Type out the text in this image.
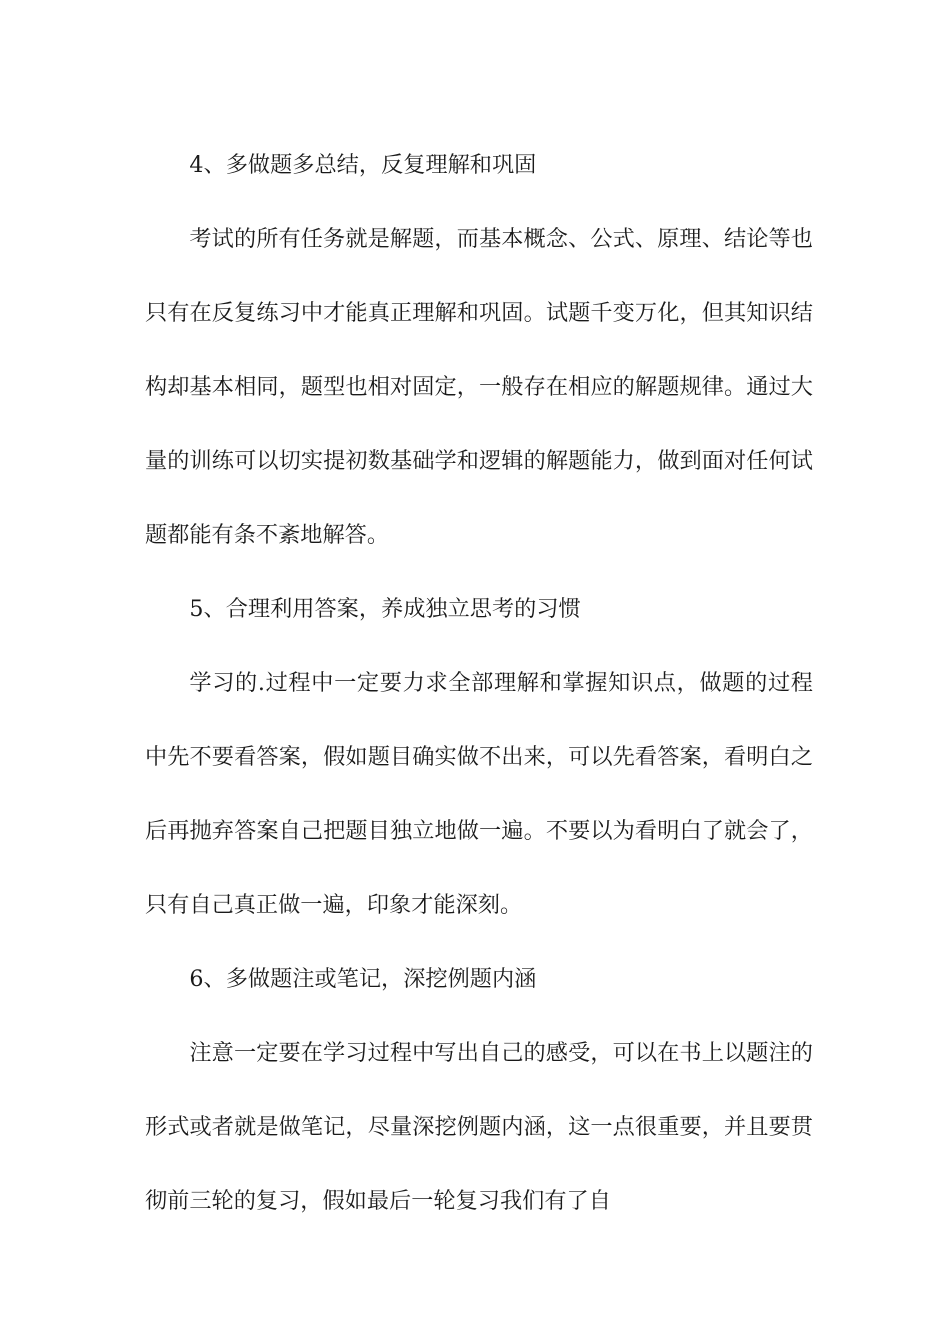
4、多做题多总结，反复理解和巩固

考试的所有任务就是解题，而基本概念、公式、原理、结论等也只有在反复练习中才能真正理解和巩固。试题千变万化，但其知识结构却基本相同，题型也相对固定，一般存在相应的解题规律。通过大量的训练可以切实提初数基础学和逻辑的解题能力，做到面对任何试题都能有条不紊地解答。

5、合理利用答案，养成独立思考的习惯

学习的.过程中一定要力求全部理解和掌握知识点，做题的过程中先不要看答案，假如题目确实做不出来，可以先看答案，看明白之后再抛弃答案自己把题目独立地做一遍。不要以为看明白了就会了，只有自己真正做一遍，印象才能深刻。

6、多做题注或笔记，深挖例题内涵

注意一定要在学习过程中写出自己的感受，可以在书上以题注的形式或者就是做笔记，尽量深挖例题内涵，这一点很重要，并且要贯彻前三轮的复习，假如最后一轮复习我们有了自
